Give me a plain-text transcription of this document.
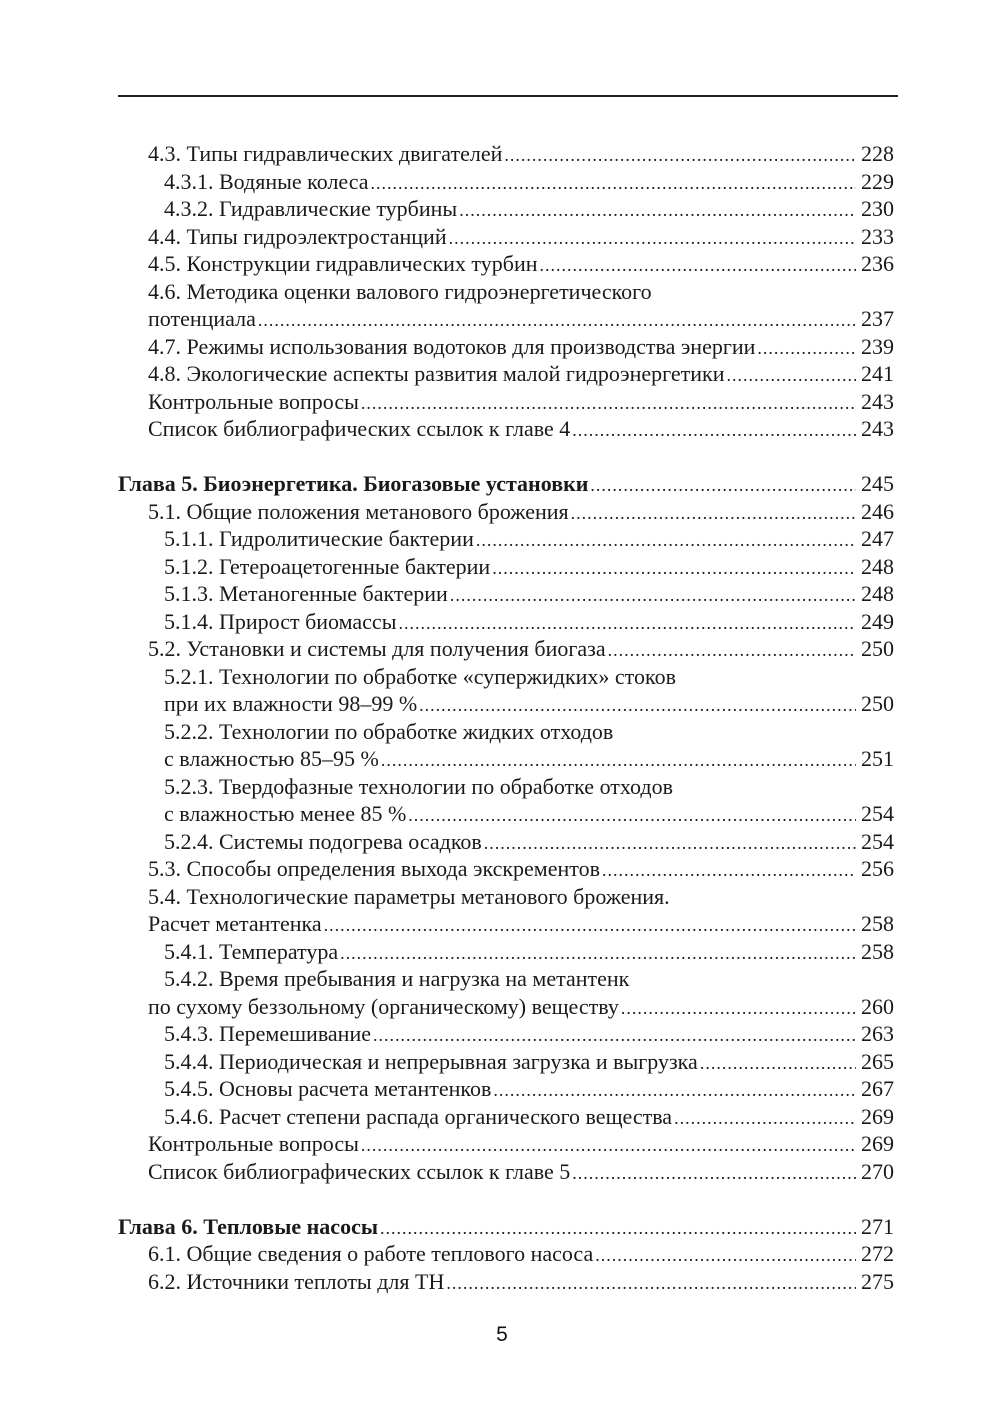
4.3. Типы гидравлических двигателей .....	228
4.3.1. Водяные колеса .....	229
4.3.2. Гидравлические турбины .....	230
4.4. Типы гидроэлектростанций .....	233
4.5. Конструкции гидравлических турбин .....	236
4.6. Методика оценки валового гидроэнергетического
потенциала .....	237
4.7. Режимы использования водотоков для производства энергии .....	239
4.8. Экологические аспекты развития малой гидроэнергетики .....	241
Контрольные вопросы .....	243
Список библиографических ссылок к главе 4 .....	243
Глава 5. Биоэнергетика. Биогазовые установки .....	245
5.1. Общие положения метанового брожения .....	246
5.1.1. Гидролитические бактерии .....	247
5.1.2. Гетероацетогенные бактерии .....	248
5.1.3. Метаногенные бактерии .....	248
5.1.4. Прирост биомассы .....	249
5.2. Установки и системы для получения биогаза .....	250
5.2.1. Технологии по обработке «супержидких» стоков
при их влажности 98–99 % .....	250
5.2.2. Технологии по обработке жидких отходов
с влажностью 85–95 % .....	251
5.2.3. Твердофазные технологии по обработке отходов
с влажностью менее 85 % .....	254
5.2.4. Системы подогрева осадков .....	254
5.3. Способы определения выхода экскрементов .....	256
5.4. Технологические параметры метанового брожения.
Расчет метантенка .....	258
5.4.1. Температура .....	258
5.4.2. Время пребывания и нагрузка на метантенк
по сухому беззольному (органическому) веществу .....	260
5.4.3. Перемешивание .....	263
5.4.4. Периодическая и непрерывная загрузка и выгрузка .....	265
5.4.5. Основы расчета метантенков .....	267
5.4.6. Расчет степени распада органического вещества .....	269
Контрольные вопросы .....	269
Список библиографических ссылок к главе 5 .....	270
Глава 6. Тепловые насосы .....	271
6.1. Общие сведения о работе теплового насоса .....	272
6.2. Источники теплоты для ТН .....	275
5
